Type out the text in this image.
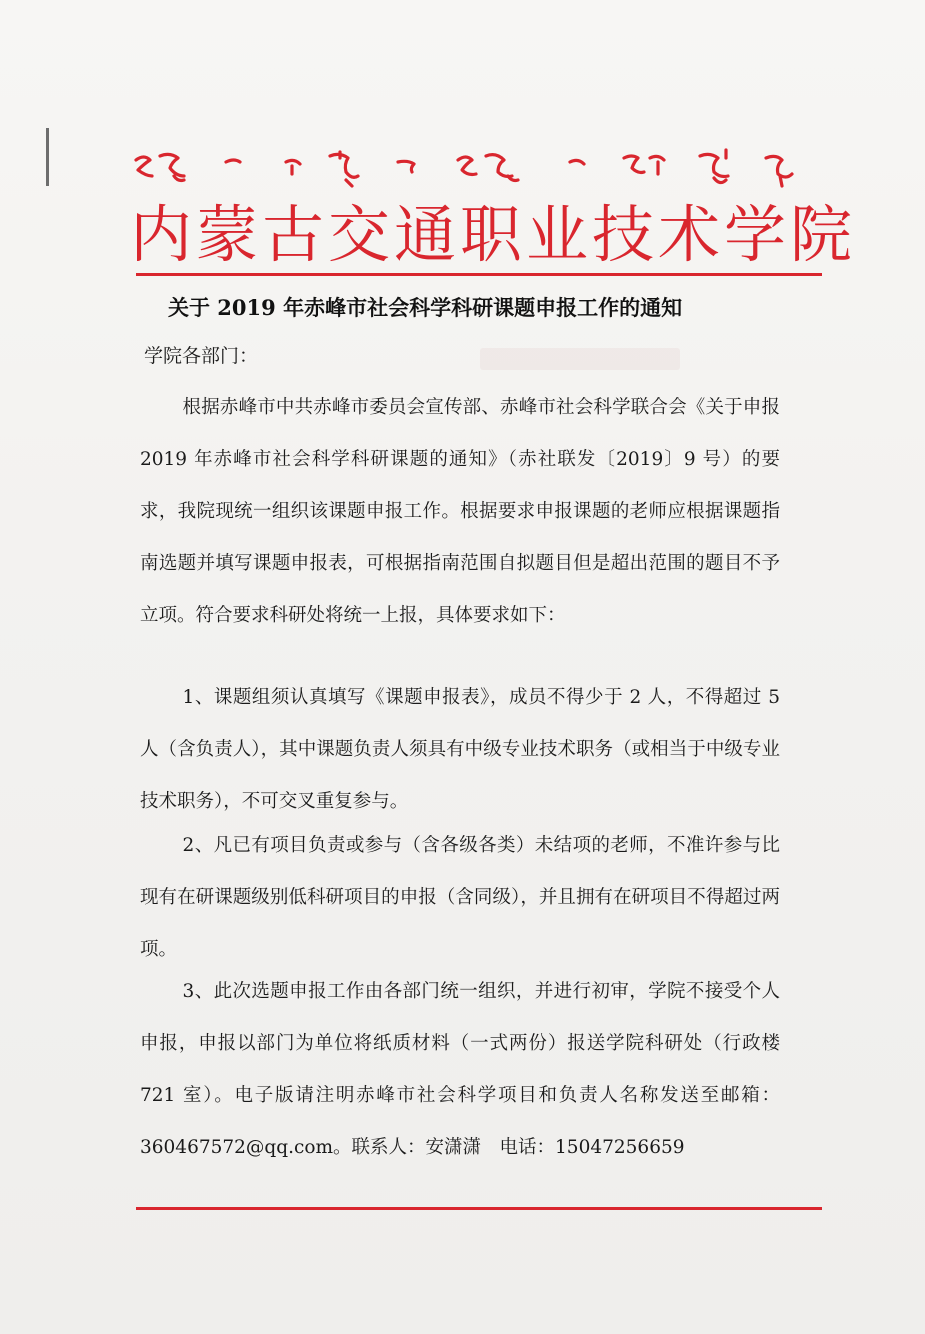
内蒙古交通职业技术学院
关于 2019 年赤峰市社会科学科研课题申报工作的通知

学院各部门：

根据赤峰市中共赤峰市委员会宣传部、赤峰市社会科学联合会《关于申报 2019 年赤峰市社会科学科研课题的通知》（赤社联发〔2019〕9 号）的要求，我院现统一组织该课题申报工作。根据要求申报课题的老师应根据课题指南选题并填写课题申报表，可根据指南范围自拟题目但是超出范围的题目不予立项。符合要求科研处将统一上报，具体要求如下：

1、课题组须认真填写《课题申报表》，成员不得少于 2 人，不得超过 5 人（含负责人），其中课题负责人须具有中级专业技术职务（或相当于中级专业技术职务），不可交叉重复参与。

2、凡已有项目负责或参与（含各级各类）未结项的老师，不准许参与比现有在研课题级别低科研项目的申报（含同级），并且拥有在研项目不得超过两项。

3、此次选题申报工作由各部门统一组织，并进行初审，学院不接受个人申报，申报以部门为单位将纸质材料（一式两份）报送学院科研处（行政楼 721 室）。电子版请注明赤峰市社会科学项目和负责人名称发送至邮箱：360467572@qq.com。联系人：安潇潇　电话：15047256659
